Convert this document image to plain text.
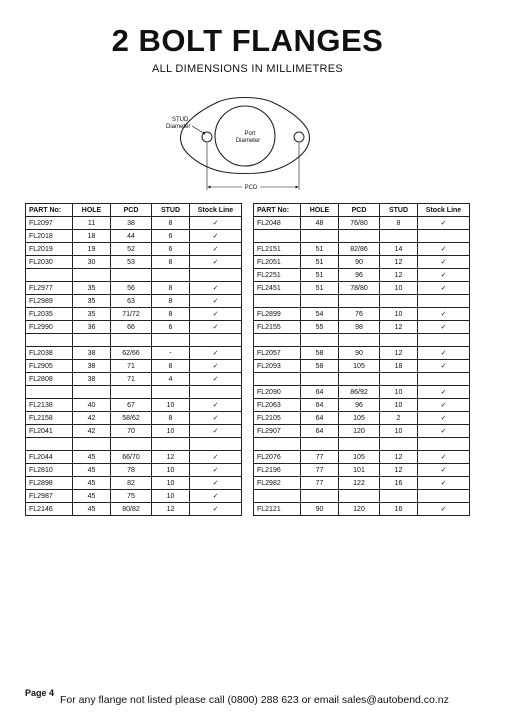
2 BOLT FLANGES
ALL DIMENSIONS IN MILLIMETRES
STUD
Diameter
Port
Diameter
PCD
PART No:	HOLE	PCD	STUD	Stock Line
FL2097	11	38	8	✓
FL2018	18	44	6	✓
FL2019	19	52	6	✓
FL2030	30	53	8	✓

FL2977	35	56	8	✓
FL2989	35	63	8	✓
FL2035	35	71/72	8	✓
FL2990	36	66	6	✓

FL2038	38	62/66	-	✓
FL2905	38	71	8	✓
FL2808	38	71	4	✓

FL2138	40	67	10	✓
FL2158	42	58/62	8	✓
FL2041	42	70	10	✓

FL2044	45	66/70	12	✓
FL2810	45	78	10	✓
FL2898	45	82	10	✓
FL2987	45	75	10	✓
FL2146	45	80/82	12	✓
PART No:	HOLE	PCD	STUD	Stock Line
FL2048	48	76/80	8	✓

FL2151	51	82/86	14	✓
FL2051	51	90	12	✓
FL2251	51	96	12	✓
FL2451	51	78/80	10	✓

FL2899	54	76	10	✓
FL2155	55	98	12	✓

FL2057	58	90	12	✓
FL2093	58	105	18	✓

FL2090	64	86/92	10	✓
FL2063	64	96	10	✓
FL2105	64	105	2	✓
FL2907	64	120	10	✓

FL2076	77	105	12	✓
FL2196	77	101	12	✓
FL2982	77	122	16	✓

FL2121	90	120	16	✓
Page 4
For any flange not listed please call (0800) 288 623 or email sales@autobend.co.nz
